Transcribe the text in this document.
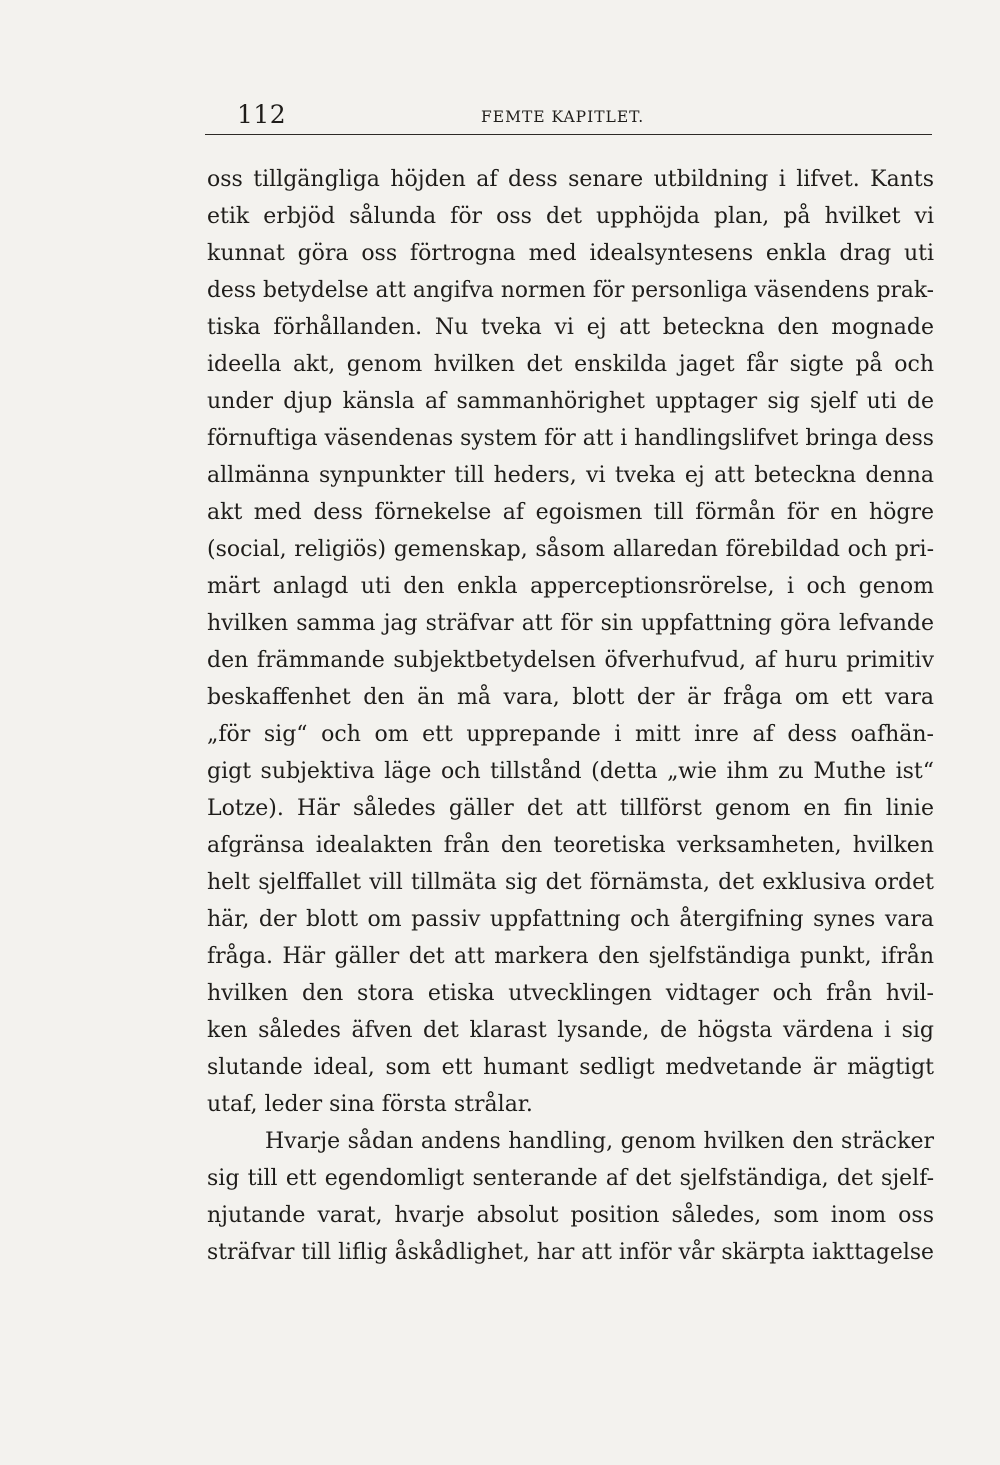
112	FEMTE KAPITLET.
oss tillgängliga höjden af dess senare utbildning i lifvet. Kants
etik erbjöd sålunda för oss det upphöjda plan, på hvilket vi
kunnat göra oss förtrogna med idealsyntesens enkla drag uti
dess betydelse att angifva normen för personliga väsendens prak-
tiska förhållanden. Nu tveka vi ej att beteckna den mognade
ideella akt, genom hvilken det enskilda jaget får sigte på och
under djup känsla af sammanhörighet upptager sig sjelf uti de
förnuftiga väsendenas system för att i handlingslifvet bringa dess
allmänna synpunkter till heders, vi tveka ej att beteckna denna
akt med dess förnekelse af egoismen till förmån för en högre
(social, religiös) gemenskap, såsom allaredan förebildad och pri-
märt anlagd uti den enkla apperceptionsrörelse, i och genom
hvilken samma jag sträfvar att för sin uppfattning göra lefvande
den främmande subjektbetydelsen öfverhufvud, af huru primitiv
beskaffenhet den än må vara, blott der är fråga om ett vara
„för sig“ och om ett upprepande i mitt inre af dess oafhän-
gigt subjektiva läge och tillstånd (detta „wie ihm zu Muthe ist“
Lotze). Här således gäller det att tillförst genom en fin linie
afgränsa idealakten från den teoretiska verksamheten, hvilken
helt sjelffallet vill tillmäta sig det förnämsta, det exklusiva ordet
här, der blott om passiv uppfattning och återgifning synes vara
fråga. Här gäller det att markera den sjelfständiga punkt, ifrån
hvilken den stora etiska utvecklingen vidtager och från hvil-
ken således äfven det klarast lysande, de högsta värdena i sig
slutande ideal, som ett humant sedligt medvetande är mägtigt
utaf, leder sina första strålar.
Hvarje sådan andens handling, genom hvilken den sträcker
sig till ett egendomligt senterande af det sjelfständiga, det sjelf-
njutande varat, hvarje absolut position således, som inom oss
sträfvar till liflig åskådlighet, har att inför vår skärpta iakttagelse
